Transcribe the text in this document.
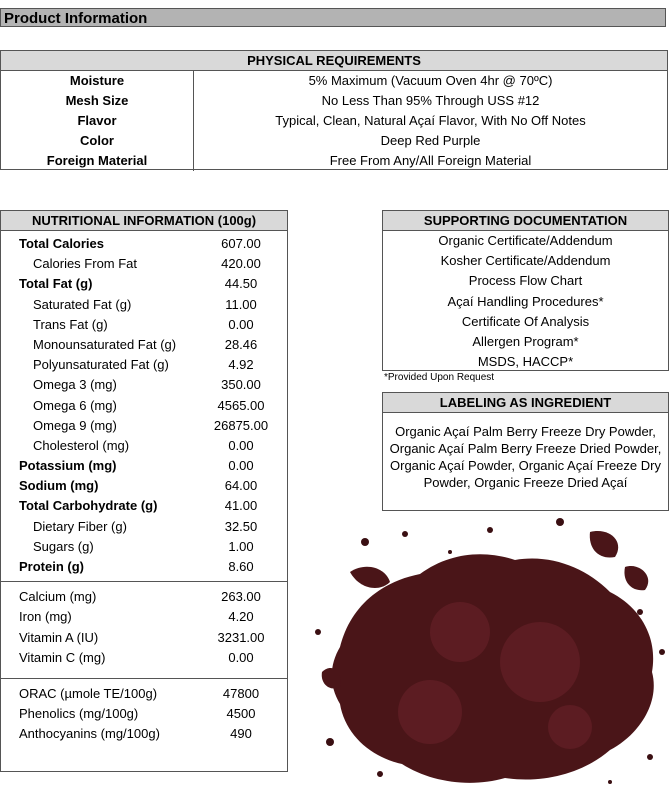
Product Information
PHYSICAL REQUIREMENTS
Moisture	5% Maximum (Vacuum Oven 4hr @ 70ºC)
Mesh Size	No Less Than 95% Through USS #12
Flavor	Typical, Clean, Natural Açaí Flavor, With No Off Notes
Color	Deep Red Purple
Foreign Material	Free From Any/All Foreign Material
NUTRITIONAL INFORMATION (100g)
Total Calories	607.00
Calories From Fat	420.00
Total Fat (g)	44.50
Saturated Fat (g)	11.00
Trans Fat (g)	0.00
Monounsaturated Fat (g)	28.46
Polyunsaturated Fat (g)	4.92
Omega 3 (mg)	350.00
Omega 6 (mg)	4565.00
Omega 9 (mg)	26875.00
Cholesterol (mg)	0.00
Potassium (mg)	0.00
Sodium (mg)	64.00
Total Carbohydrate (g)	41.00
Dietary Fiber (g)	32.50
Sugars (g)	1.00
Protein (g)	8.60
Calcium (mg)	263.00
Iron (mg)	4.20
Vitamin A (IU)	3231.00
Vitamin C (mg)	0.00
ORAC (µmole TE/100g)	47800
Phenolics (mg/100g)	4500
Anthocyanins (mg/100g)	490
SUPPORTING DOCUMENTATION
Organic Certificate/Addendum
Kosher Certificate/Addendum
Process Flow Chart
Açaí Handling Procedures*
Certificate Of Analysis
Allergen Program*
MSDS, HACCP*
*Provided Upon Request
LABELING AS INGREDIENT
Organic Açaí Palm Berry Freeze Dry Powder, Organic Açaí Palm Berry Freeze Dried Powder, Organic Açaí Powder, Organic Açaí Freeze Dry Powder, Organic Freeze Dried Açaí
